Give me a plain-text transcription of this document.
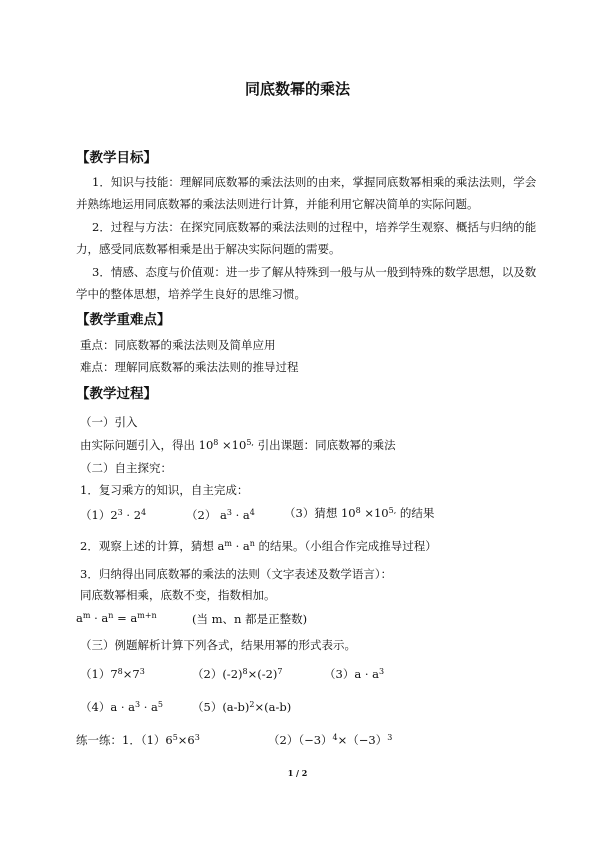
同底数幂的乘法
【教学目标】
1．知识与技能：理解同底数幂的乘法法则的由来，掌握同底数幂相乘的乘法法则，学会
并熟练地运用同底数幂的乘法法则进行计算，并能利用它解决简单的实际问题。
2．过程与方法：在探究同底数幂的乘法法则的过程中，培养学生观察、概括与归纳的能
力，感受同底数幂相乘是出于解决实际问题的需要。
3．情感、态度与价值观：进一步了解从特殊到一般与从一般到特殊的数学思想，以及数
学中的整体思想，培养学生良好的思维习惯。
【教学重难点】
重点：同底数幂的乘法法则及简单应用
难点：理解同底数幂的乘法法则的推导过程
【教学过程】
（一）引入
由实际问题引入，得出 $10^8 \times 10^{5,}$ 引出课题：同底数幂的乘法
（二）自主探究：
1．复习乘方的知识，自主完成：
$(1)2^3 \cdot 2^4$	（2） $a^3 \cdot a^4$	（3）猜想 $10^8 \times 10^{5,}$ 的结果
2．观察上述的计算，猜想 $a^m \cdot a^n$ 的结果。（小组合作完成推导过程）
3．归纳得出同底数幂的乘法的法则（文字表述及数学语言）：
同底数幂相乘，底数不变，指数相加。
$a^m \cdot a^n = a^{m+n}$	(当 m、n 都是正整数)
（三）例题解析计算下列各式，结果用幂的形式表示。
$(1)7^8\times 7^3$	$(2)(-2)^8\times(-2)^7$	$(3)a \cdot a^3$
$(4)a \cdot a^3 \cdot a^5$	$(5)(a-b)^2\times(a-b)$
练一练：1．$(1)6^5\times 6^3$	$(2)(-3)^4\times(-3)^3$
1 / 2
